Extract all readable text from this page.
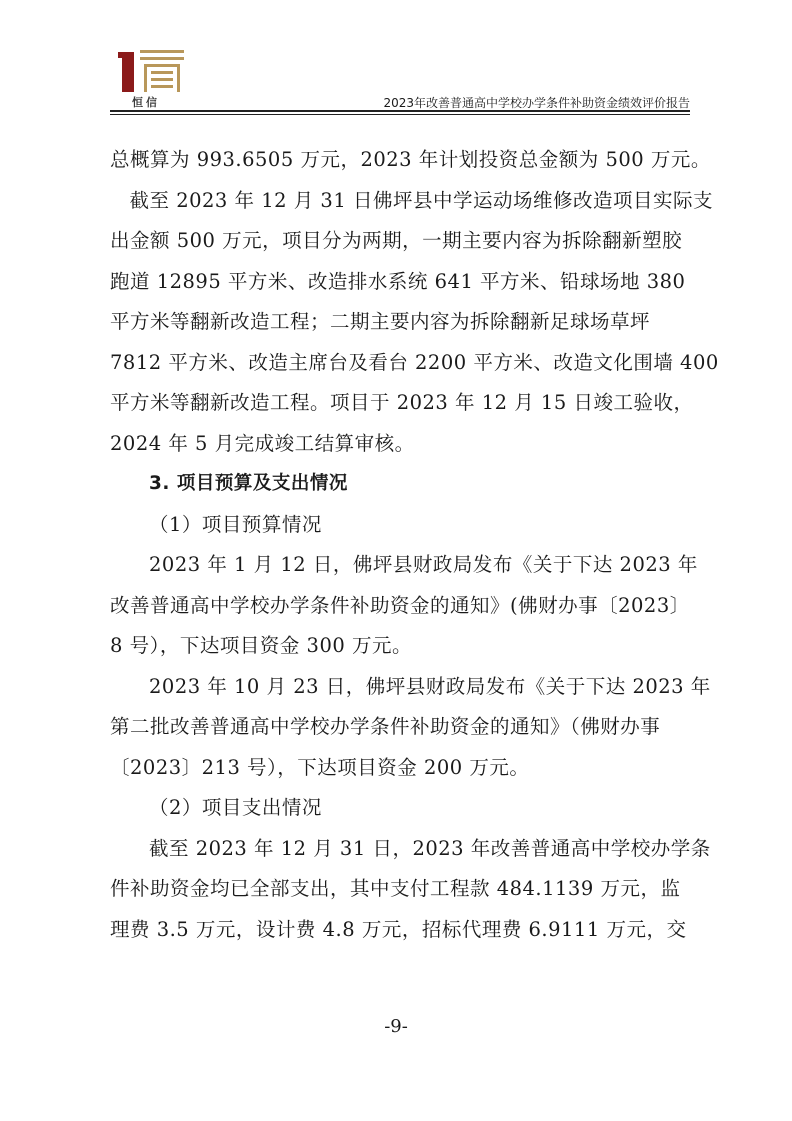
恒信	2023年改善普通高中学校办学条件补助资金绩效评价报告

总概算为 993.6505 万元，2023 年计划投资总金额为 500 万元。

截至 2023 年 12 月 31 日佛坪县中学运动场维修改造项目实际支
出金额 500 万元，项目分为两期，一期主要内容为拆除翻新塑胶
跑道 12895 平方米、改造排水系统 641 平方米、铅球场地 380
平方米等翻新改造工程；二期主要内容为拆除翻新足球场草坪
7812 平方米、改造主席台及看台 2200 平方米、改造文化围墙 400
平方米等翻新改造工程。项目于 2023 年 12 月 15 日竣工验收，
2024 年 5 月完成竣工结算审核。

3. 项目预算及支出情况

（1）项目预算情况

2023 年 1 月 12 日，佛坪县财政局发布《关于下达 2023 年
改善普通高中学校办学条件补助资金的通知》(佛财办事〔2023〕
8 号），下达项目资金 300 万元。

2023 年 10 月 23 日，佛坪县财政局发布《关于下达 2023 年
第二批改善普通高中学校办学条件补助资金的通知》（佛财办事
〔2023〕213 号），下达项目资金 200 万元。

（2）项目支出情况

截至 2023 年 12 月 31 日，2023 年改善普通高中学校办学条
件补助资金均已全部支出，其中支付工程款 484.1139 万元，监
理费 3.5 万元，设计费 4.8 万元，招标代理费 6.9111 万元，交

-9-
